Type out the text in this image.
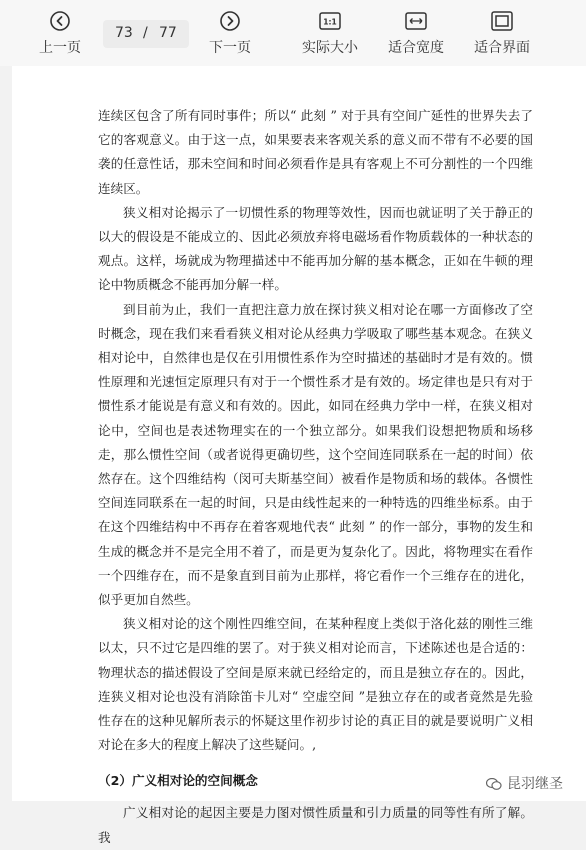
上一页
73 / 77
下一页
1:1
实际大小 适合宽度 适合界面

连续区包含了所有同时事件；所以“ 此刻 ” 对于具有空间广延性的世界失去了它的客观意义。由于这一点，如果要表来客观关系的意义而不带有不必要的国袭的任意性话，那未空间和时间必须看作是具有客观上不可分割性的一个四维连续区。

狭义相对论揭示了一切惯性系的物理等效性，因而也就证明了关于静正的以大的假设是不能成立的、因此必须放弃将电磁场看作物质载体的一种状态的观点。这样，场就成为物理描述中不能再加分解的基本概念，正如在牛顿的理论中物质概念不能再加分解一样。

到目前为止，我们一直把注意力放在探讨狭义相对论在哪一方面修改了空时概念，现在我们来看看狭义相对论从经典力学吸取了哪些基本观念。在狭义相对论中，自然律也是仅在引用惯性系作为空时描述的基础时才是有效的。惯性原理和光速恒定原理只有对于一个惯性系才是有效的。场定律也是只有对于惯性系才能说是有意义和有效的。因此，如同在经典力学中一样，在狭义相对论中，空间也是表述物理实在的一个独立部分。如果我们设想把物质和场移走，那么惯性空间（或者说得更确切些，这个空间连同联系在一起的时间）依然存在。这个四维结构（闵可夫斯基空间）被看作是物质和场的载体。各惯性空间连同联系在一起的时间，只是由线性起来的一种特选的四维坐标系。由于在这个四维结构中不再存在着客观地代表“ 此刻 ” 的作一部分，事物的发生和生成的概念并不是完全用不着了，而是更为复杂化了。因此，将物理实在看作一个四维存在，而不是象直到目前为止那样，将它看作一个三维存在的进化，似乎更加自然些。

狭义相对论的这个刚性四维空间，在某种程度上类似于洛化兹的刚性三维以太，只不过它是四维的罢了。对于狭义相对论而言，下述陈述也是合适的：物理状态的描述假设了空间是原来就已经给定的，而且是独立存在的。因此，连狭义相对论也没有消除笛卡儿对“ 空虚空间 ”是独立存在的或者竟然是先验性存在的这种见解所表示的怀疑这里作初步讨论的真正目的就是要说明广义相对论在多大的程度上解决了这些疑问。,

（2）广义相对论的空间概念

广义相对论的起因主要是力图对惯性质量和引力质量的同等性有所了解。我

昆羽继圣
